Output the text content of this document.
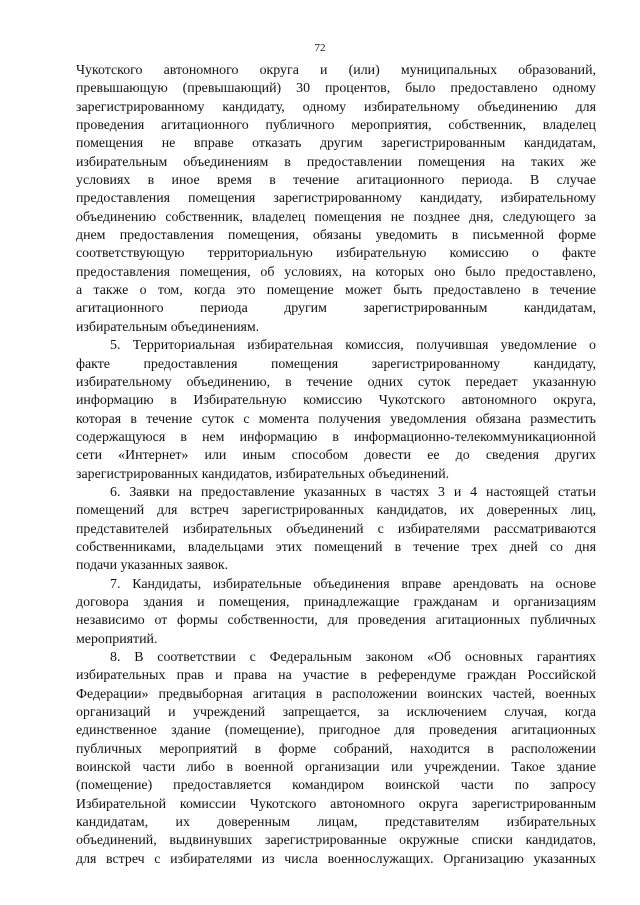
72
Чукотского автономного округа и (или) муниципальных образований,
превышающую (превышающий) 30 процентов, было предоставлено одному
зарегистрированному кандидату, одному избирательному объединению для
проведения агитационного публичного мероприятия, собственник, владелец
помещения не вправе отказать другим зарегистрированным кандидатам,
избирательным объединениям в предоставлении помещения на таких же
условиях в иное время в течение агитационного периода. В случае
предоставления помещения зарегистрированному кандидату, избирательному
объединению собственник, владелец помещения не позднее дня, следующего за
днем предоставления помещения, обязаны уведомить в письменной форме
соответствующую территориальную избирательную комиссию о факте
предоставления помещения, об условиях, на которых оно было предоставлено,
а также о том, когда это помещение может быть предоставлено в течение
агитационного периода другим зарегистрированным кандидатам,
избирательным объединениям.
5. Территориальная избирательная комиссия, получившая уведомление о
факте предоставления помещения зарегистрированному кандидату,
избирательному объединению, в течение одних суток передает указанную
информацию в Избирательную комиссию Чукотского автономного округа,
которая в течение суток с момента получения уведомления обязана разместить
содержащуюся в нем информацию в информационно-телекоммуникационной
сети «Интернет» или иным способом довести ее до сведения других
зарегистрированных кандидатов, избирательных объединений.
6. Заявки на предоставление указанных в частях 3 и 4 настоящей статьи
помещений для встреч зарегистрированных кандидатов, их доверенных лиц,
представителей избирательных объединений с избирателями рассматриваются
собственниками, владельцами этих помещений в течение трех дней со дня
подачи указанных заявок.
7. Кандидаты, избирательные объединения вправе арендовать на основе
договора здания и помещения, принадлежащие гражданам и организациям
независимо от формы собственности, для проведения агитационных публичных
мероприятий.
8. В соответствии с Федеральным законом «Об основных гарантиях
избирательных прав и права на участие в референдуме граждан Российской
Федерации» предвыборная агитация в расположении воинских частей, военных
организаций и учреждений запрещается, за исключением случая, когда
единственное здание (помещение), пригодное для проведения агитационных
публичных мероприятий в форме собраний, находится в расположении
воинской части либо в военной организации или учреждении. Такое здание
(помещение) предоставляется командиром воинской части по запросу
Избирательной комиссии Чукотского автономного округа зарегистрированным
кандидатам, их доверенным лицам, представителям избирательных
объединений, выдвинувших зарегистрированные окружные списки кандидатов,
для встреч с избирателями из числа военнослужащих. Организацию указанных
